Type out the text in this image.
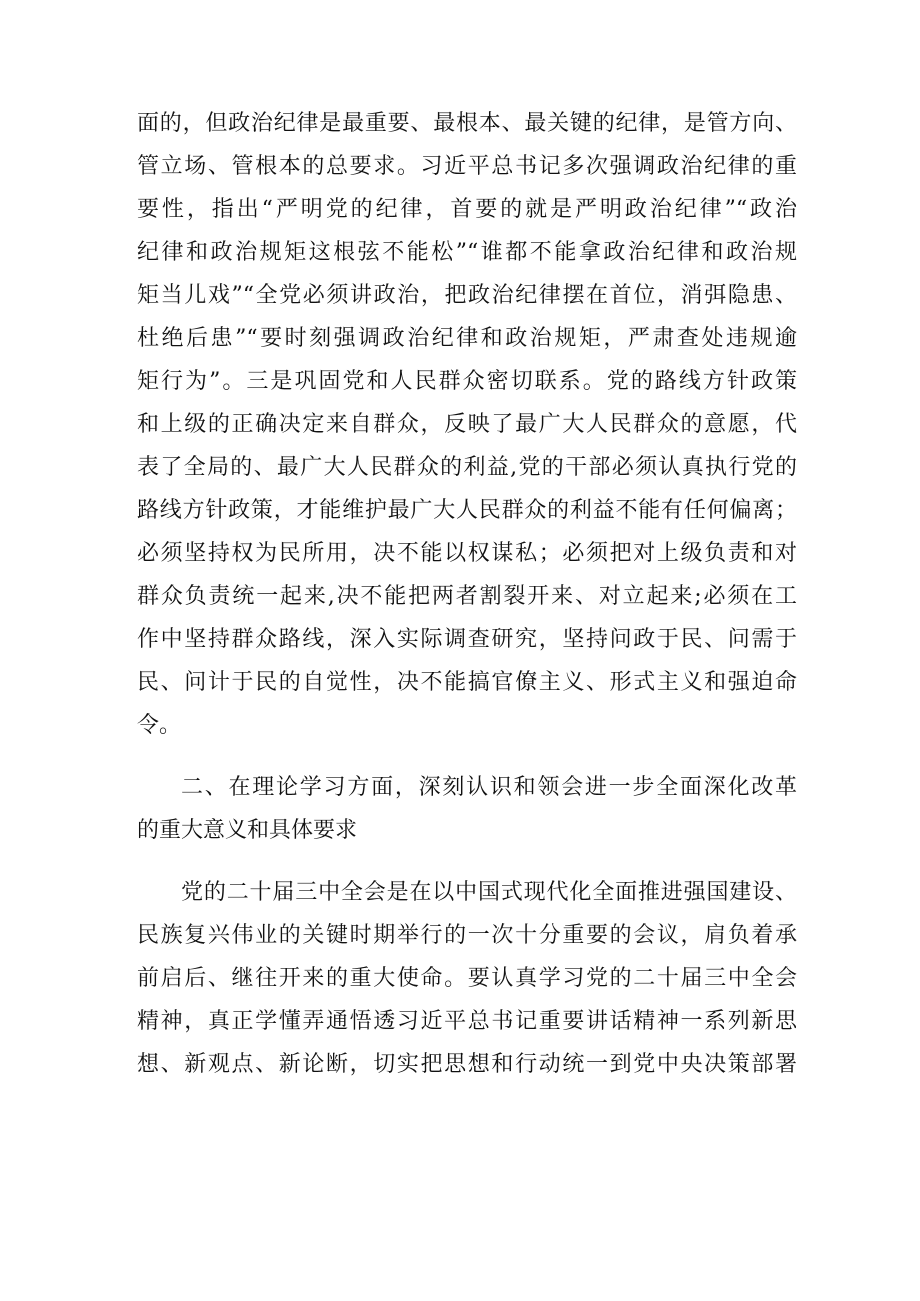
面的，但政治纪律是最重要、最根本、最关键的纪律，是管方向、
管立场、管根本的总要求。习近平总书记多次强调政治纪律的重
要性，指出“严明党的纪律，首要的就是严明政治纪律”“政治
纪律和政治规矩这根弦不能松”“谁都不能拿政治纪律和政治规
矩当儿戏”“全党必须讲政治，把政治纪律摆在首位，消弭隐患、
杜绝后患”“要时刻强调政治纪律和政治规矩，严肃查处违规逾
矩行为”。三是巩固党和人民群众密切联系。党的路线方针政策
和上级的正确决定来自群众，反映了最广大人民群众的意愿，代
表了全局的、最广大人民群众的利益,党的干部必须认真执行党的
路线方针政策，才能维护最广大人民群众的利益不能有任何偏离；
必须坚持权为民所用，决不能以权谋私；必须把对上级负责和对
群众负责统一起来,决不能把两者割裂开来、对立起来;必须在工
作中坚持群众路线，深入实际调查研究，坚持问政于民、问需于
民、问计于民的自觉性，决不能搞官僚主义、形式主义和强迫命
令。
二、在理论学习方面，深刻认识和领会进一步全面深化改革
的重大意义和具体要求
党的二十届三中全会是在以中国式现代化全面推进强国建设、
民族复兴伟业的关键时期举行的一次十分重要的会议，肩负着承
前启后、继往开来的重大使命。要认真学习党的二十届三中全会
精神，真正学懂弄通悟透习近平总书记重要讲话精神一系列新思
想、新观点、新论断，切实把思想和行动统一到党中央决策部署
